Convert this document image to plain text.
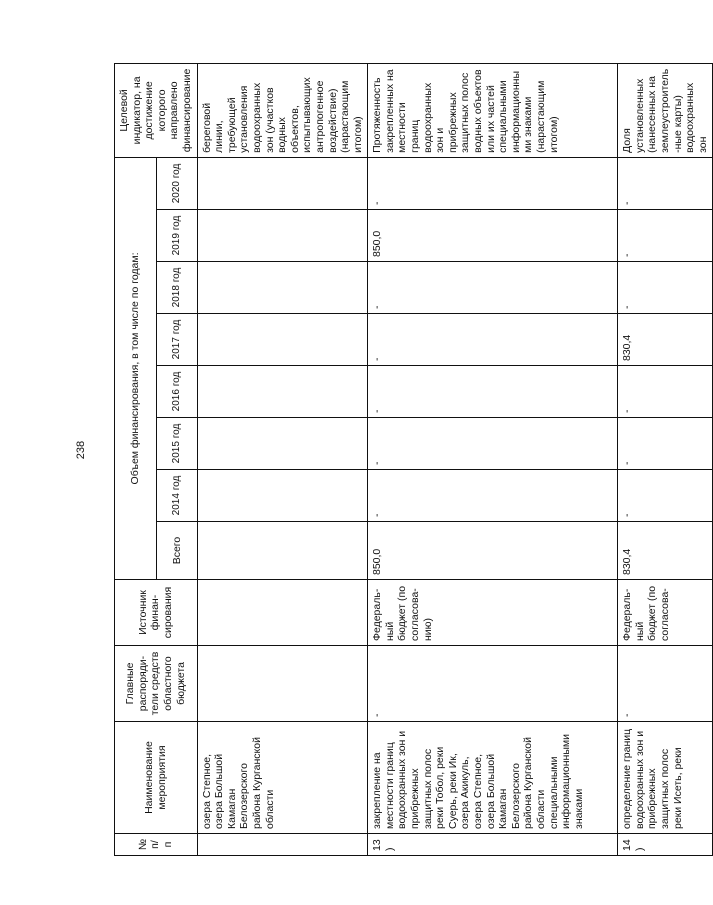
238
№ п/п	Наименование мероприятия	Главные распоряди-тели средств областного бюджета	Источник финан-сирования	Объем финансирования, в том числе по годам:								Целевой индикатор, на достижение которого направлено финансирование
				Всего	2014 год	2015 год	2016 год	2017 год	2018 год	2019 год	2020 год	
	озера Степное, озера Большой Камаган Белозерского района Курганской области											береговой линии, требующей установления водоохранных зон (участков водных объектов, испытывающих антропогенное воздействие) (нарастающим итогом)
13)	закрепление на местности границ водоохранных зон и прибрежных защитных полос реки Тобол, реки Суерь, реки Ик, озера Акикуль, озера Степное, озера Большой Камаган Белозерского района Курганской области специальными информационными знаками	-	Федераль-ный бюджет (по согласова-нию)	850,0	-	-	-	-	-	850,0	-	Протяженность закрепленных на местности границ водоохранных зон и прибрежных защитных полос водных объектов или их частей специальными информационными знаками (нарастающим итогом)
14)	определение границ водоохранных зон и прибрежных защитных полос реки Исеть, реки	-	Федераль-ный бюджет (по согласова-	830,4	-	-	-	830,4	-	-	-	Доля установленных (нанесенных на землеустроитель-ные карты) водоохранных зон
